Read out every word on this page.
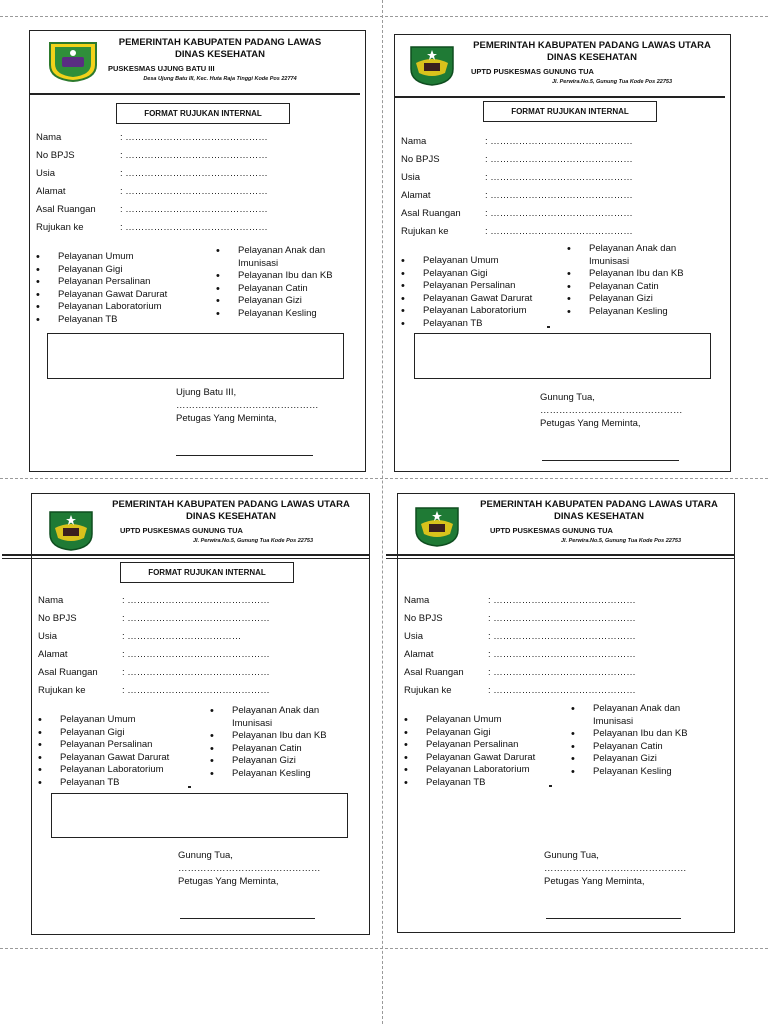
PEMERINTAH KABUPATEN PADANG LAWAS
DINAS KESEHATAN
PUSKESMAS UJUNG BATU III
Desa Ujung Batu III, Kec. Huta Raja Tinggi Kode Pos 22774
FORMAT RUJUKAN INTERNAL
Nama	: ………………………………………
No BPJS	: ………………………………………
Usia	: ………………………………………
Alamat	: ………………………………………
Asal Ruangan	: ………………………………………
Rujukan ke	: ………………………………………
• Pelayanan Umum
• Pelayanan Gigi
• Pelayanan Persalinan
• Pelayanan Gawat Darurat
• Pelayanan Laboratorium
• Pelayanan TB
• Pelayanan Anak dan Imunisasi
• Pelayanan Ibu dan KB
• Pelayanan Catin
• Pelayanan Gizi
• Pelayanan Kesling
Ujung Batu III, ………………………………………
Petugas Yang Meminta,
PEMERINTAH KABUPATEN PADANG LAWAS UTARA
DINAS KESEHATAN
UPTD PUSKESMAS GUNUNG TUA
Jl. Perwira.No.5, Gunung Tua Kode Pos 22753
FORMAT RUJUKAN INTERNAL
Nama	: ………………………………………
No BPJS	: ………………………………………
Usia	: ………………………………………
Alamat	: ………………………………………
Asal Ruangan	: ………………………………………
Rujukan ke	: ………………………………………
• Pelayanan Umum
• Pelayanan Gigi
• Pelayanan Persalinan
• Pelayanan Gawat Darurat
• Pelayanan Laboratorium
• Pelayanan TB
• Pelayanan Anak dan Imunisasi
• Pelayanan Ibu dan KB
• Pelayanan Catin
• Pelayanan Gizi
• Pelayanan Kesling
Gunung Tua, ………………………………………
Petugas Yang Meminta,
PEMERINTAH KABUPATEN PADANG LAWAS UTARA
DINAS KESEHATAN
UPTD PUSKESMAS GUNUNG TUA
Jl. Perwira.No.5, Gunung Tua Kode Pos 22753
FORMAT RUJUKAN INTERNAL
Nama	: ………………………………………
No BPJS	: ………………………………………
Usia	: ………………………………
Alamat	: ………………………………………
Asal Ruangan	: ………………………………………
Rujukan ke	: ………………………………………
• Pelayanan Umum
• Pelayanan Gigi
• Pelayanan Persalinan
• Pelayanan Gawat Darurat
• Pelayanan Laboratorium
• Pelayanan TB
• Pelayanan Anak dan Imunisasi
• Pelayanan Ibu dan KB
• Pelayanan Catin
• Pelayanan Gizi
• Pelayanan Kesling
Gunung Tua, ………………………………………
Petugas Yang Meminta,
PEMERINTAH KABUPATEN PADANG LAWAS UTARA
DINAS KESEHATAN
UPTD PUSKESMAS GUNUNG TUA
Jl. Perwira.No.5, Gunung Tua Kode Pos 22753
Nama	: ………………………………………
No BPJS	: ………………………………………
Usia	: ………………………………………
Alamat	: ………………………………………
Asal Ruangan	: ………………………………………
Rujukan ke	: ………………………………………
• Pelayanan Umum
• Pelayanan Gigi
• Pelayanan Persalinan
• Pelayanan Gawat Darurat
• Pelayanan Laboratorium
• Pelayanan TB
• Pelayanan Anak dan Imunisasi
• Pelayanan Ibu dan KB
• Pelayanan Catin
• Pelayanan Gizi
• Pelayanan Kesling
Gunung Tua, ………………………………………
Petugas Yang Meminta,
